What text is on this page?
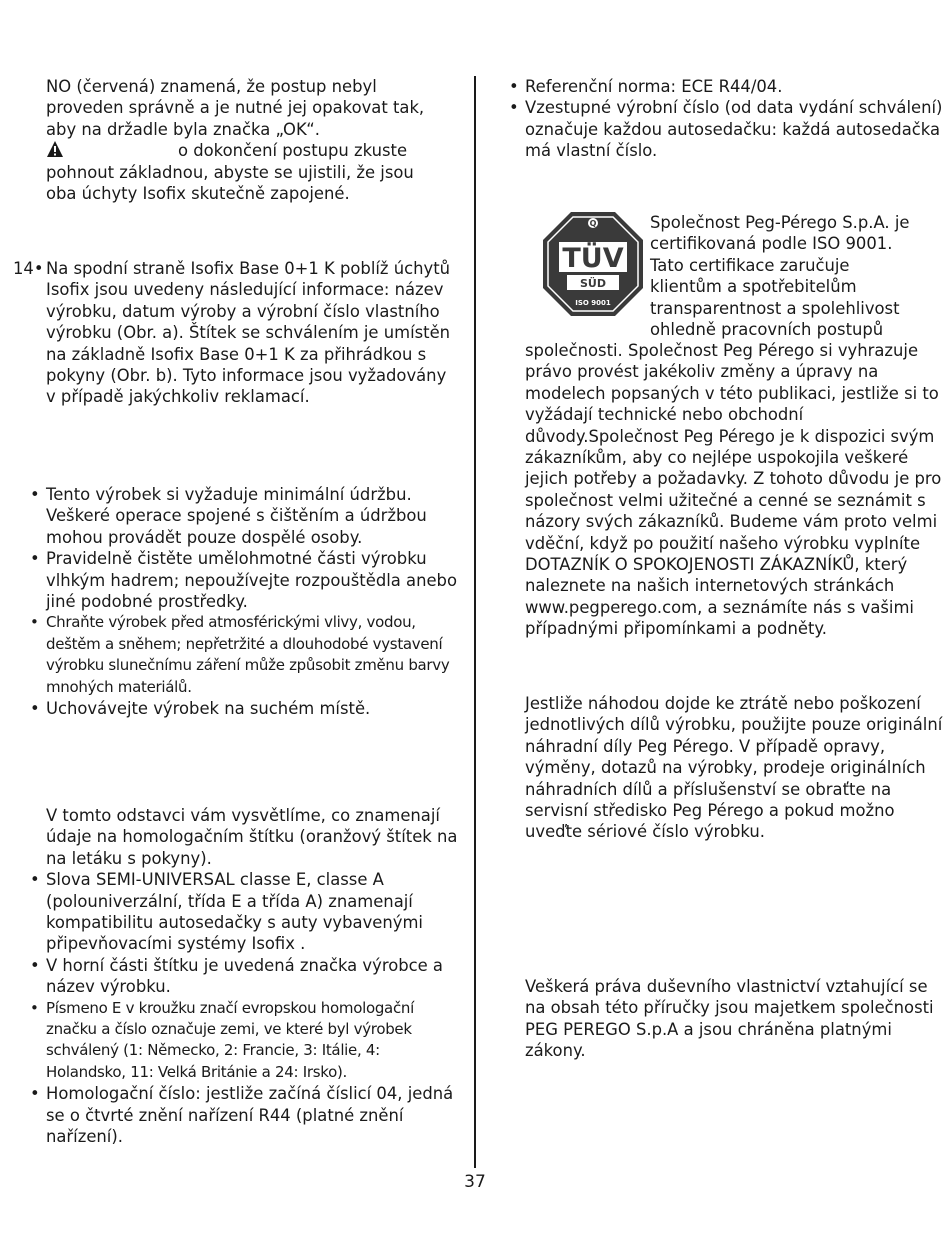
NO (červená) znamená, že postup nebyl

proveden správně a je nutné jej opakovat tak,

aby na držadle byla značka „OK“.

o dokončení postupu zkuste

pohnout základnou, abyste se ujistili, že jsou

oba úchyty Isofix skutečně zapojené.

14• Na spodní straně Isofix Base 0+1 K poblíž úchytů Isofix jsou uvedeny následující informace: název výrobku, datum výroby a výrobní číslo vlastního výrobku (Obr. a). Štítek se schválením je umístěn na základně Isofix Base 0+1 K za přihrádkou s pokyny (Obr. b). Tyto informace jsou vyžadovány v případě jakýchkoliv reklamací.

• Tento výrobek si vyžaduje minimální údržbu. Veškeré operace spojené s čištěním a údržbou mohou provádět pouze dospělé osoby.

• Pravidelně čistěte umělohmotné části výrobku vlhkým hadrem; nepoužívejte rozpouštědla anebo jiné podobné prostředky.

• Chraňte výrobek před atmosférickými vlivy, vodou, deštěm a sněhem; nepřetržité a dlouhodobé vystavení výrobku slunečnímu záření může způsobit změnu barvy mnohých materiálů.

• Uchovávejte výrobek na suchém místě.

V tomto odstavci vám vysvětlíme, co znamenají údaje na homologačním štítku (oranžový štítek na na letáku s pokyny).

• Slova SEMI-UNIVERSAL classe E, classe A (polouniverzální, třída E a třída A) znamenají kompatibilitu autosedačky s auty vybavenými připevňovacími systémy Isofix .

• V horní části štítku je uvedená značka výrobce a název výrobku.

• Písmeno E v kroužku značí evropskou homologační značku a číslo označuje zemi, ve které byl výrobek schválený (1: Německo, 2: Francie, 3: Itálie, 4: Holandsko, 11: Velká Británie a 24: Irsko).

• Homologační číslo: jestliže začíná číslicí 04, jedná se o čtvrté znění nařízení R44 (platné znění nařízení).

• Referenční norma: ECE R44/04.

• Vzestupné výrobní číslo (od data vydání schválení) označuje každou autosedačku: každá autosedačka má vlastní číslo.

Q
TÜV
SÜD
ISO 9001

Společnost Peg-Pérego S.p.A. je

certifikovaná podle ISO 9001.

Tato certifikace zaručuje

klientům a spotřebitelům

transparentnost a spolehlivost

ohledně pracovních postupů

společnosti. Společnost Peg Pérego si vyhrazuje právo provést jakékoliv změny a úpravy na modelech popsaných v této publikaci, jestliže si to vyžádají technické nebo obchodní důvody.Společnost Peg Pérego je k dispozici svým zákazníkům, aby co nejlépe uspokojila veškeré jejich potřeby a požadavky. Z tohoto důvodu je pro společnost velmi užitečné a cenné se seznámit s názory svých zákazníků. Budeme vám proto velmi vděční, když po použití našeho výrobku vyplníte DOTAZNÍK O SPOKOJENOSTI ZÁKAZNÍKŮ, který naleznete na našich internetových stránkách www.pegperego.com, a seznámíte nás s vašimi případnými připomínkami a podněty.

Jestliže náhodou dojde ke ztrátě nebo poškození jednotlivých dílů výrobku, použijte pouze originální náhradní díly Peg Pérego. V případě opravy, výměny, dotazů na výrobky, prodeje originálních náhradních dílů a příslušenství se obraťte na servisní středisko Peg Pérego a pokud možno uveďte sériové číslo výrobku.

Veškerá práva duševního vlastnictví vztahující se na obsah této příručky jsou majetkem společnosti PEG PEREGO S.p.A a jsou chráněna platnými zákony.

37
